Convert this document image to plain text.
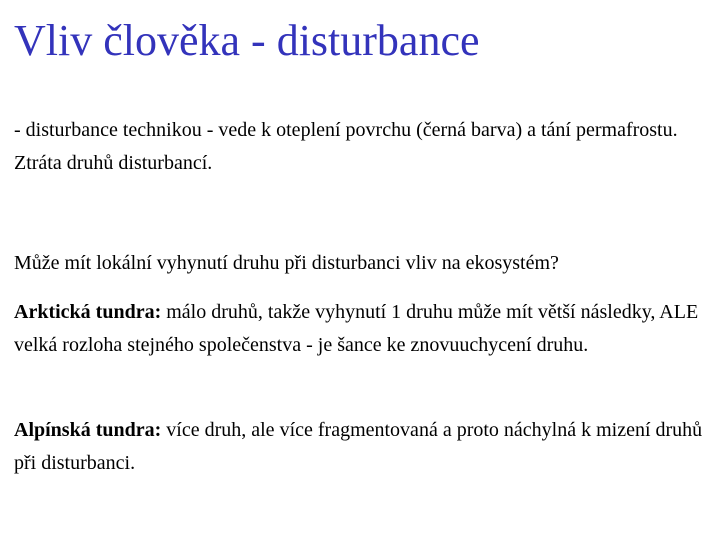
Vliv člověka - disturbance

- disturbance technikou - vede k oteplení povrchu (černá barva) a tání permafrostu. Ztráta druhů disturbancí.

Může mít lokální vyhynutí druhu při disturbanci vliv na ekosystém?

Arktická tundra: málo druhů, takže vyhynutí 1 druhu může mít větší následky, ALE velká rozloha stejného společenstva - je šance ke znovuuchycení druhu.

Alpínská tundra: více druh, ale více fragmentovaná a proto náchylná k mizení druhů při disturbanci.
